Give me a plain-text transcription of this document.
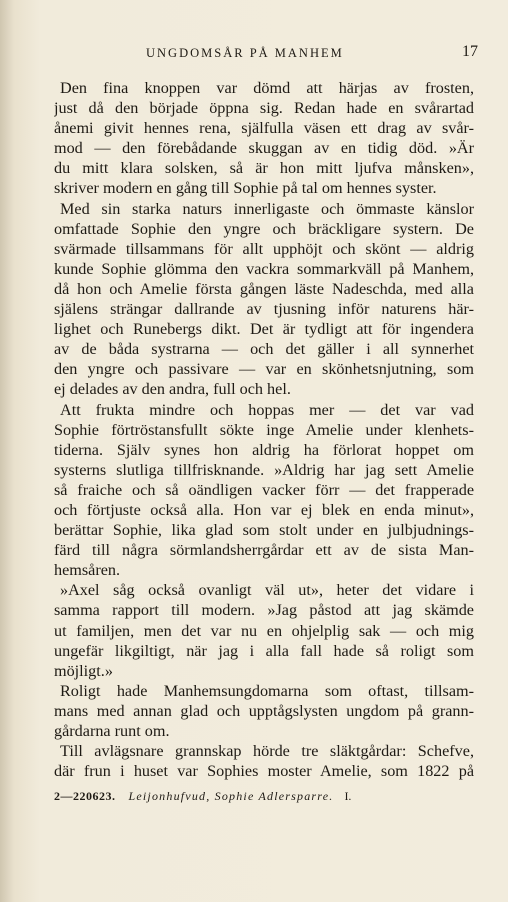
UNGDOMSÅR PÅ MANHEM	17
Den fina knoppen var dömd att härjas av frosten,
just då den började öppna sig. Redan hade en svårartad
ånemi givit hennes rena, själfulla väsen ett drag av svår-
mod — den förebådande skuggan av en tidig död. »Är
du mitt klara solsken, så är hon mitt ljufva månsken»,
skriver modern en gång till Sophie på tal om hennes syster.
Med sin starka naturs innerligaste och ömmaste känslor
omfattade Sophie den yngre och bräckligare systern. De
svärmade tillsammans för allt upphöjt och skönt — aldrig
kunde Sophie glömma den vackra sommarkväll på Manhem,
då hon och Amelie första gången läste Nadeschda, med alla
själens strängar dallrande av tjusning inför naturens här-
lighet och Runebergs dikt. Det är tydligt att för ingendera
av de båda systrarna — och det gäller i all synnerhet
den yngre och passivare — var en skönhetsnjutning, som
ej delades av den andra, full och hel.
Att frukta mindre och hoppas mer — det var vad
Sophie förtröstansfullt sökte inge Amelie under klenhets-
tiderna. Själv synes hon aldrig ha förlorat hoppet om
systerns slutliga tillfrisknande. »Aldrig har jag sett Amelie
så fraiche och så oändligen vacker förr — det frapperade
och förtjuste också alla. Hon var ej blek en enda minut»,
berättar Sophie, lika glad som stolt under en julbjudnings-
färd till några sörmlandsherrgårdar ett av de sista Man-
hemsåren.
»Axel såg också ovanligt väl ut», heter det vidare i
samma rapport till modern. »Jag påstod att jag skämde
ut familjen, men det var nu en ohjelplig sak — och mig
ungefär likgiltigt, när jag i alla fall hade så roligt som
möjligt.»
Roligt hade Manhemsungdomarna som oftast, tillsam-
mans med annan glad och upptågslysten ungdom på grann-
gårdarna runt om.
Till avlägsnare grannskap hörde tre släktgårdar: Schefve,
där frun i huset var Sophies moster Amelie, som 1822 på
2—220623. Leijonhufvud, Sophie Adlersparre. I.
